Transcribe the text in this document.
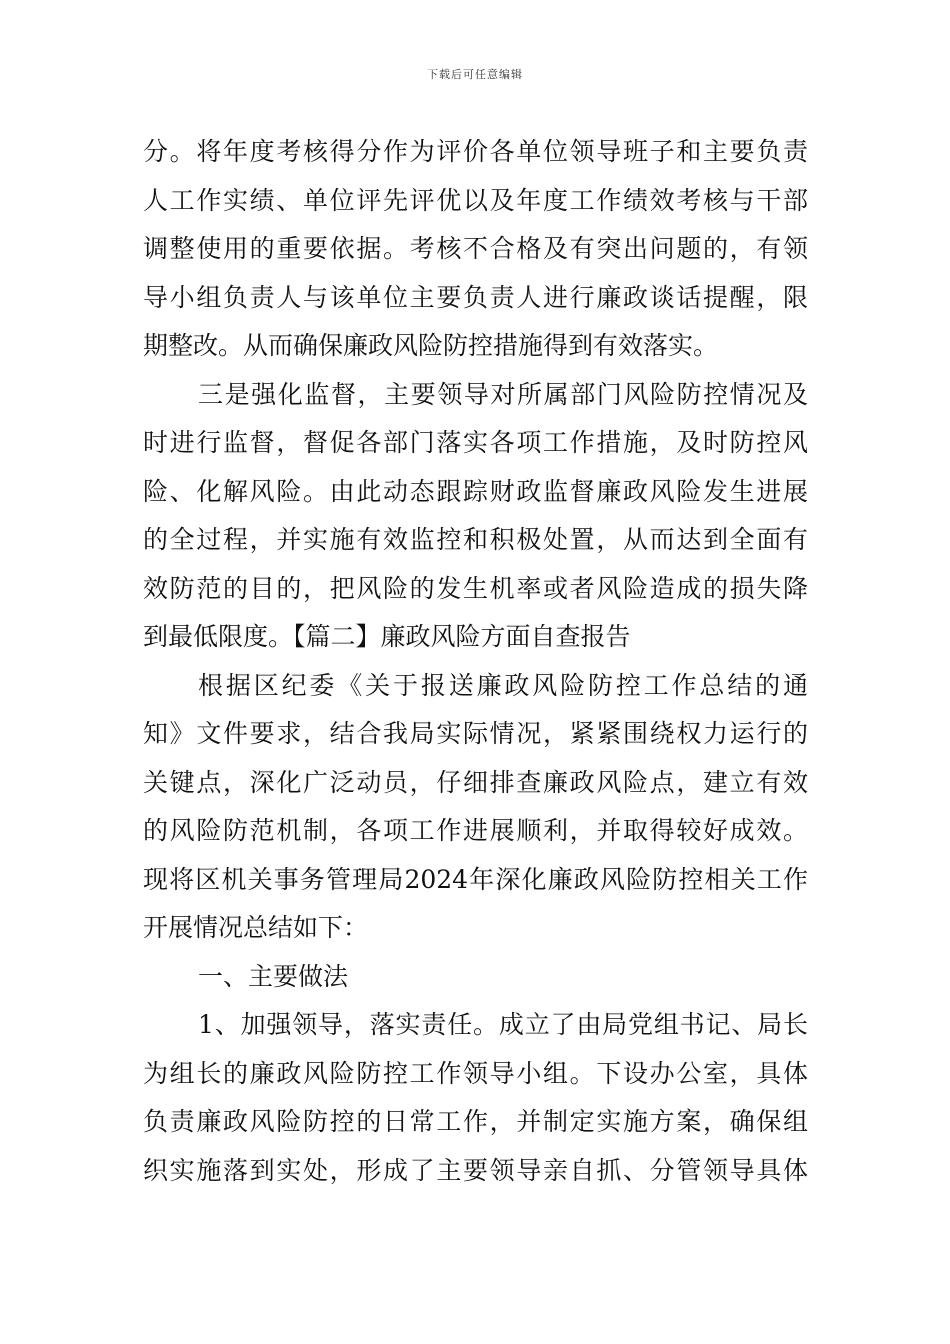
下载后可任意编辑
分。将年度考核得分作为评价各单位领导班子和主要负责
人工作实绩、单位评先评优以及年度工作绩效考核与干部
调整使用的重要依据。考核不合格及有突出问题的，有领
导小组负责人与该单位主要负责人进行廉政谈话提醒，限
期整改。从而确保廉政风险防控措施得到有效落实。
三是强化监督，主要领导对所属部门风险防控情况及
时进行监督，督促各部门落实各项工作措施，及时防控风
险、化解风险。由此动态跟踪财政监督廉政风险发生进展
的全过程，并实施有效监控和积极处置，从而达到全面有
效防范的目的，把风险的发生机率或者风险造成的损失降
到最低限度。【篇二】廉政风险方面自查报告
根据区纪委《关于报送廉政风险防控工作总结的通
知》文件要求，结合我局实际情况，紧紧围绕权力运行的
关键点，深化广泛动员，仔细排查廉政风险点，建立有效
的风险防范机制，各项工作进展顺利，并取得较好成效。
现将区机关事务管理局2024年深化廉政风险防控相关工作
开展情况总结如下：
一、主要做法
1、加强领导，落实责任。成立了由局党组书记、局长
为组长的廉政风险防控工作领导小组。下设办公室，具体
负责廉政风险防控的日常工作，并制定实施方案，确保组
织实施落到实处，形成了主要领导亲自抓、分管领导具体
